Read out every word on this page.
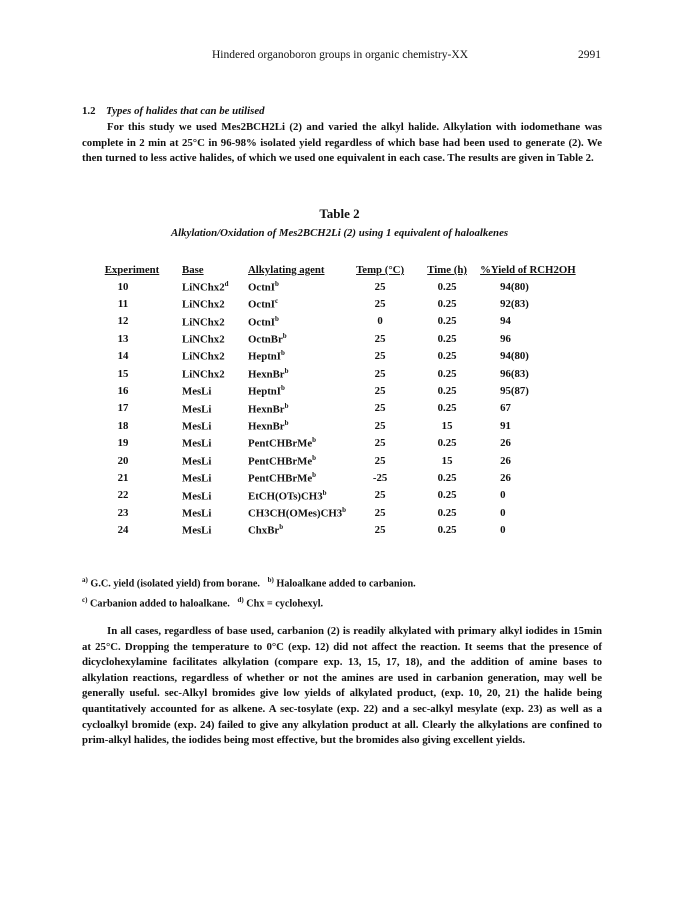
Hindered organoboron groups in organic chemistry-XX	2991
1.2 Types of halides that can be utilised
For this study we used Mes2BCH2Li (2) and varied the alkyl halide. Alkylation with iodomethane was complete in 2 min at 25°C in 96-98% isolated yield regardless of which base had been used to generate (2). We then turned to less active halides, of which we used one equivalent in each case. The results are given in Table 2.
Table 2
Alkylation/Oxidation of Mes2BCH2Li (2) using 1 equivalent of haloalkenes
Experiment	Base	Alkylating agent	Temp (°C)	Time (h)	%Yield of RCH2OH
10	LiNChx2$^d$	OctnI$^b$	25	0.25	94(80)
11	LiNChx2	OctnI$^c$	25	0.25	92(83)
12	LiNChx2	OctnI$^b$	0	0.25	94
13	LiNChx2	OctnBr$^b$	25	0.25	96
14	LiNChx2	HeptnI$^b$	25	0.25	94(80)
15	LiNChx2	HexnBr$^b$	25	0.25	96(83)
16	MesLi	HeptnI$^b$	25	0.25	95(87)
17	MesLi	HexnBr$^b$	25	0.25	67
18	MesLi	HexnBr$^b$	25	15	91
19	MesLi	PentCHBrMe$^b$	25	0.25	26
20	MesLi	PentCHBrMe$^b$	25	15	26
21	MesLi	PentCHBrMe$^b$	-25	0.25	26
22	MesLi	EtCH(OTs)CH3$^b$	25	0.25	0
23	MesLi	CH3CH(OMes)CH3$^b$	25	0.25	0
24	MesLi	ChxBr$^b$	25	0.25	0
$^{a)}$ G.C. yield (isolated yield) from borane. $^{b)}$ Haloalkane added to carbanion.
$^{c)}$ Carbanion added to haloalkane. $^{d)}$ Chx = cyclohexyl.
In all cases, regardless of base used, carbanion (2) is readily alkylated with primary alkyl iodides in 15min at 25°C. Dropping the temperature to 0°C (exp. 12) did not affect the reaction. It seems that the presence of dicyclohexylamine facilitates alkylation (compare exp. 13, 15, 17, 18), and the addition of amine bases to alkylation reactions, regardless of whether or not the amines are used in carbanion generation, may well be generally useful. sec-Alkyl bromides give low yields of alkylated product, (exp. 10, 20, 21) the halide being quantitatively accounted for as alkene. A sec-tosylate (exp. 22) and a sec-alkyl mesylate (exp. 23) as well as a cycloalkyl bromide (exp. 24) failed to give any alkylation product at all. Clearly the alkylations are confined to prim-alkyl halides, the iodides being most effective, but the bromides also giving excellent yields.
